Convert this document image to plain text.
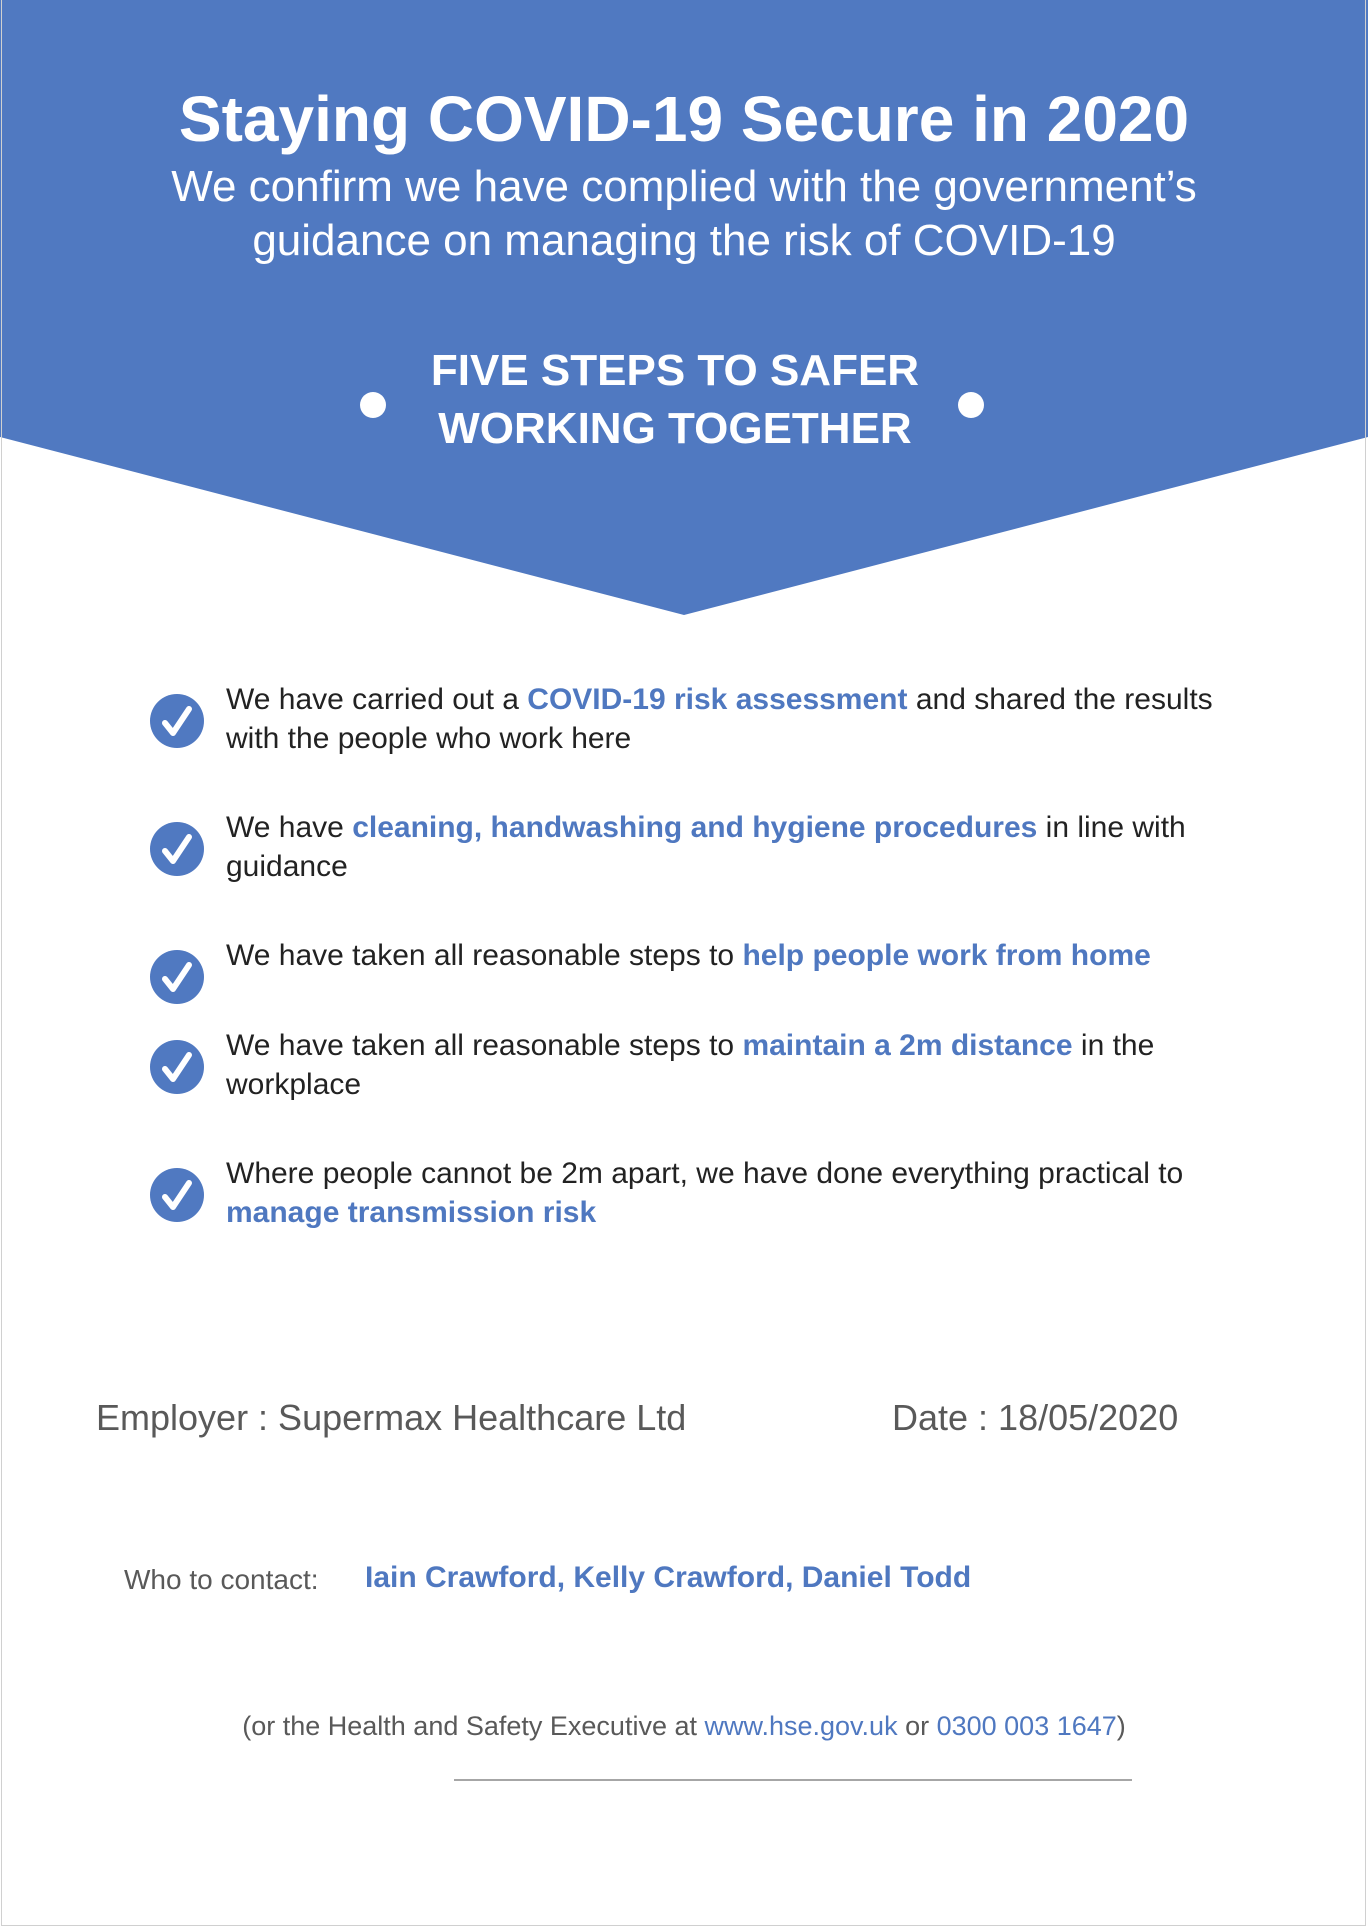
Staying COVID-19 Secure in 2020
We confirm we have complied with the government’s
guidance on managing the risk of COVID-19
FIVE STEPS TO SAFER
WORKING TOGETHER
We have carried out a COVID-19 risk assessment and shared the results with the people who work here
We have cleaning, handwashing and hygiene procedures in line with guidance
We have taken all reasonable steps to help people work from home
We have taken all reasonable steps to maintain a 2m distance in the workplace
Where people cannot be 2m apart, we have done everything practical to manage transmission risk
Employer : Supermax Healthcare Ltd	Date : 18/05/2020
Who to contact: Iain Crawford, Kelly Crawford, Daniel Todd
(or the Health and Safety Executive at www.hse.gov.uk or 0300 003 1647)
